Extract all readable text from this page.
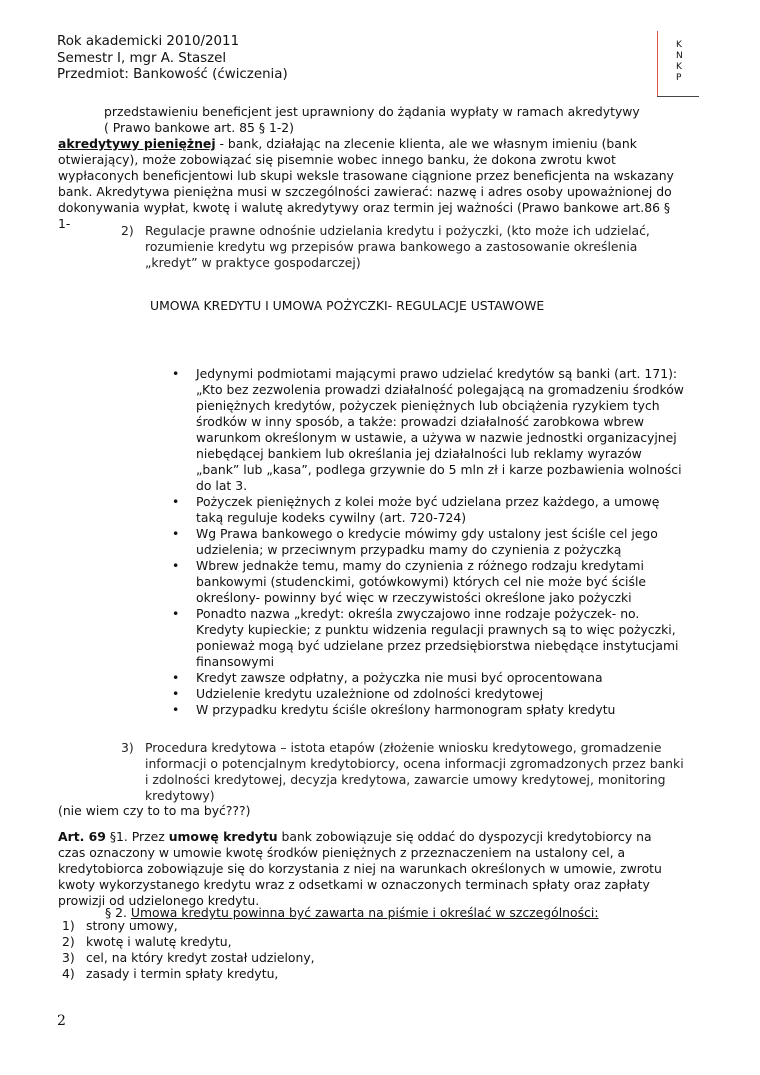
Rok akademicki 2010/2011
Semestr I, mgr A. Staszel
Przedmiot: Bankowość (ćwiczenia)
K
N
K
P
przedstawieniu beneficjent jest uprawniony do żądania wypłaty w ramach akredytywy
( Prawo bankowe art. 85 § 1-2)
akredytywy pieniężnej - bank, działając na zlecenie klienta, ale we własnym imieniu (bank
otwierający), może zobowiązać się pisemnie wobec innego banku, że dokona zwrotu kwot
wypłaconych beneficjentowi lub skupi weksle trasowane ciągnione przez beneficjenta na wskazany
bank. Akredytywa pieniężna musi w szczególności zawierać: nazwę i adres osoby upoważnionej do
dokonywania wypłat, kwotę i walutę akredytywy oraz termin jej ważności (Prawo bankowe art.86 §
1-	2) Regulacje prawne odnośnie udzielania kredytu i pożyczki, (kto może ich udzielać,
rozumienie kredytu wg przepisów prawa bankowego a zastosowanie określenia
„kredyt” w praktyce gospodarczej)
UMOWA KREDYTU I UMOWA POŻYCZKI- REGULACJE USTAWOWE
• Jedynymi podmiotami mającymi prawo udzielać kredytów są banki (art. 171):
„Kto bez zezwolenia prowadzi działalność polegającą na gromadzeniu środków
pieniężnych kredytów, pożyczek pieniężnych lub obciążenia ryzykiem tych
środków w inny sposób, a także: prowadzi działalność zarobkowa wbrew
warunkom określonym w ustawie, a używa w nazwie jednostki organizacyjnej
niebędącej bankiem lub określania jej działalności lub reklamy wyrazów
„bank” lub „kasa”, podlega grzywnie do 5 mln zł i karze pozbawienia wolności
do lat 3.
• Pożyczek pieniężnych z kolei może być udzielana przez każdego, a umowę
taką reguluje kodeks cywilny (art. 720-724)
• Wg Prawa bankowego o kredycie mówimy gdy ustalony jest ściśle cel jego
udzielenia; w przeciwnym przypadku mamy do czynienia z pożyczką
• Wbrew jednakże temu, mamy do czynienia z różnego rodzaju kredytami
bankowymi (studenckimi, gotówkowymi) których cel nie może być ściśle
określony- powinny być więc w rzeczywistości określone jako pożyczki
• Ponadto nazwa „kredyt: określa zwyczajowo inne rodzaje pożyczek- no.
Kredyty kupieckie; z punktu widzenia regulacji prawnych są to więc pożyczki,
ponieważ mogą być udzielane przez przedsiębiorstwa niebędące instytucjami
finansowymi
• Kredyt zawsze odpłatny, a pożyczka nie musi być oprocentowana
• Udzielenie kredytu uzależnione od zdolności kredytowej
• W przypadku kredytu ściśle określony harmonogram spłaty kredytu
3) Procedura kredytowa – istota etapów (złożenie wniosku kredytowego, gromadzenie
informacji o potencjalnym kredytobiorcy, ocena informacji zgromadzonych przez banki
i zdolności kredytowej, decyzja kredytowa, zawarcie umowy kredytowej, monitoring
kredytowy)
(nie wiem czy to to ma być???)
Art. 69 §1. Przez umowę kredytu bank zobowiązuje się oddać do dyspozycji kredytobiorcy na
czas oznaczony w umowie kwotę środków pieniężnych z przeznaczeniem na ustalony cel, a
kredytobiorca zobowiązuje się do korzystania z niej na warunkach określonych w umowie, zwrotu
kwoty wykorzystanego kredytu wraz z odsetkami w oznaczonych terminach spłaty oraz zapłaty
prowizji od udzielonego kredytu.
§ 2. Umowa kredytu powinna być zawarta na piśmie i określać w szczególności:
1) strony umowy,
2) kwotę i walutę kredytu,
3) cel, na który kredyt został udzielony,
4) zasady i termin spłaty kredytu,
2
